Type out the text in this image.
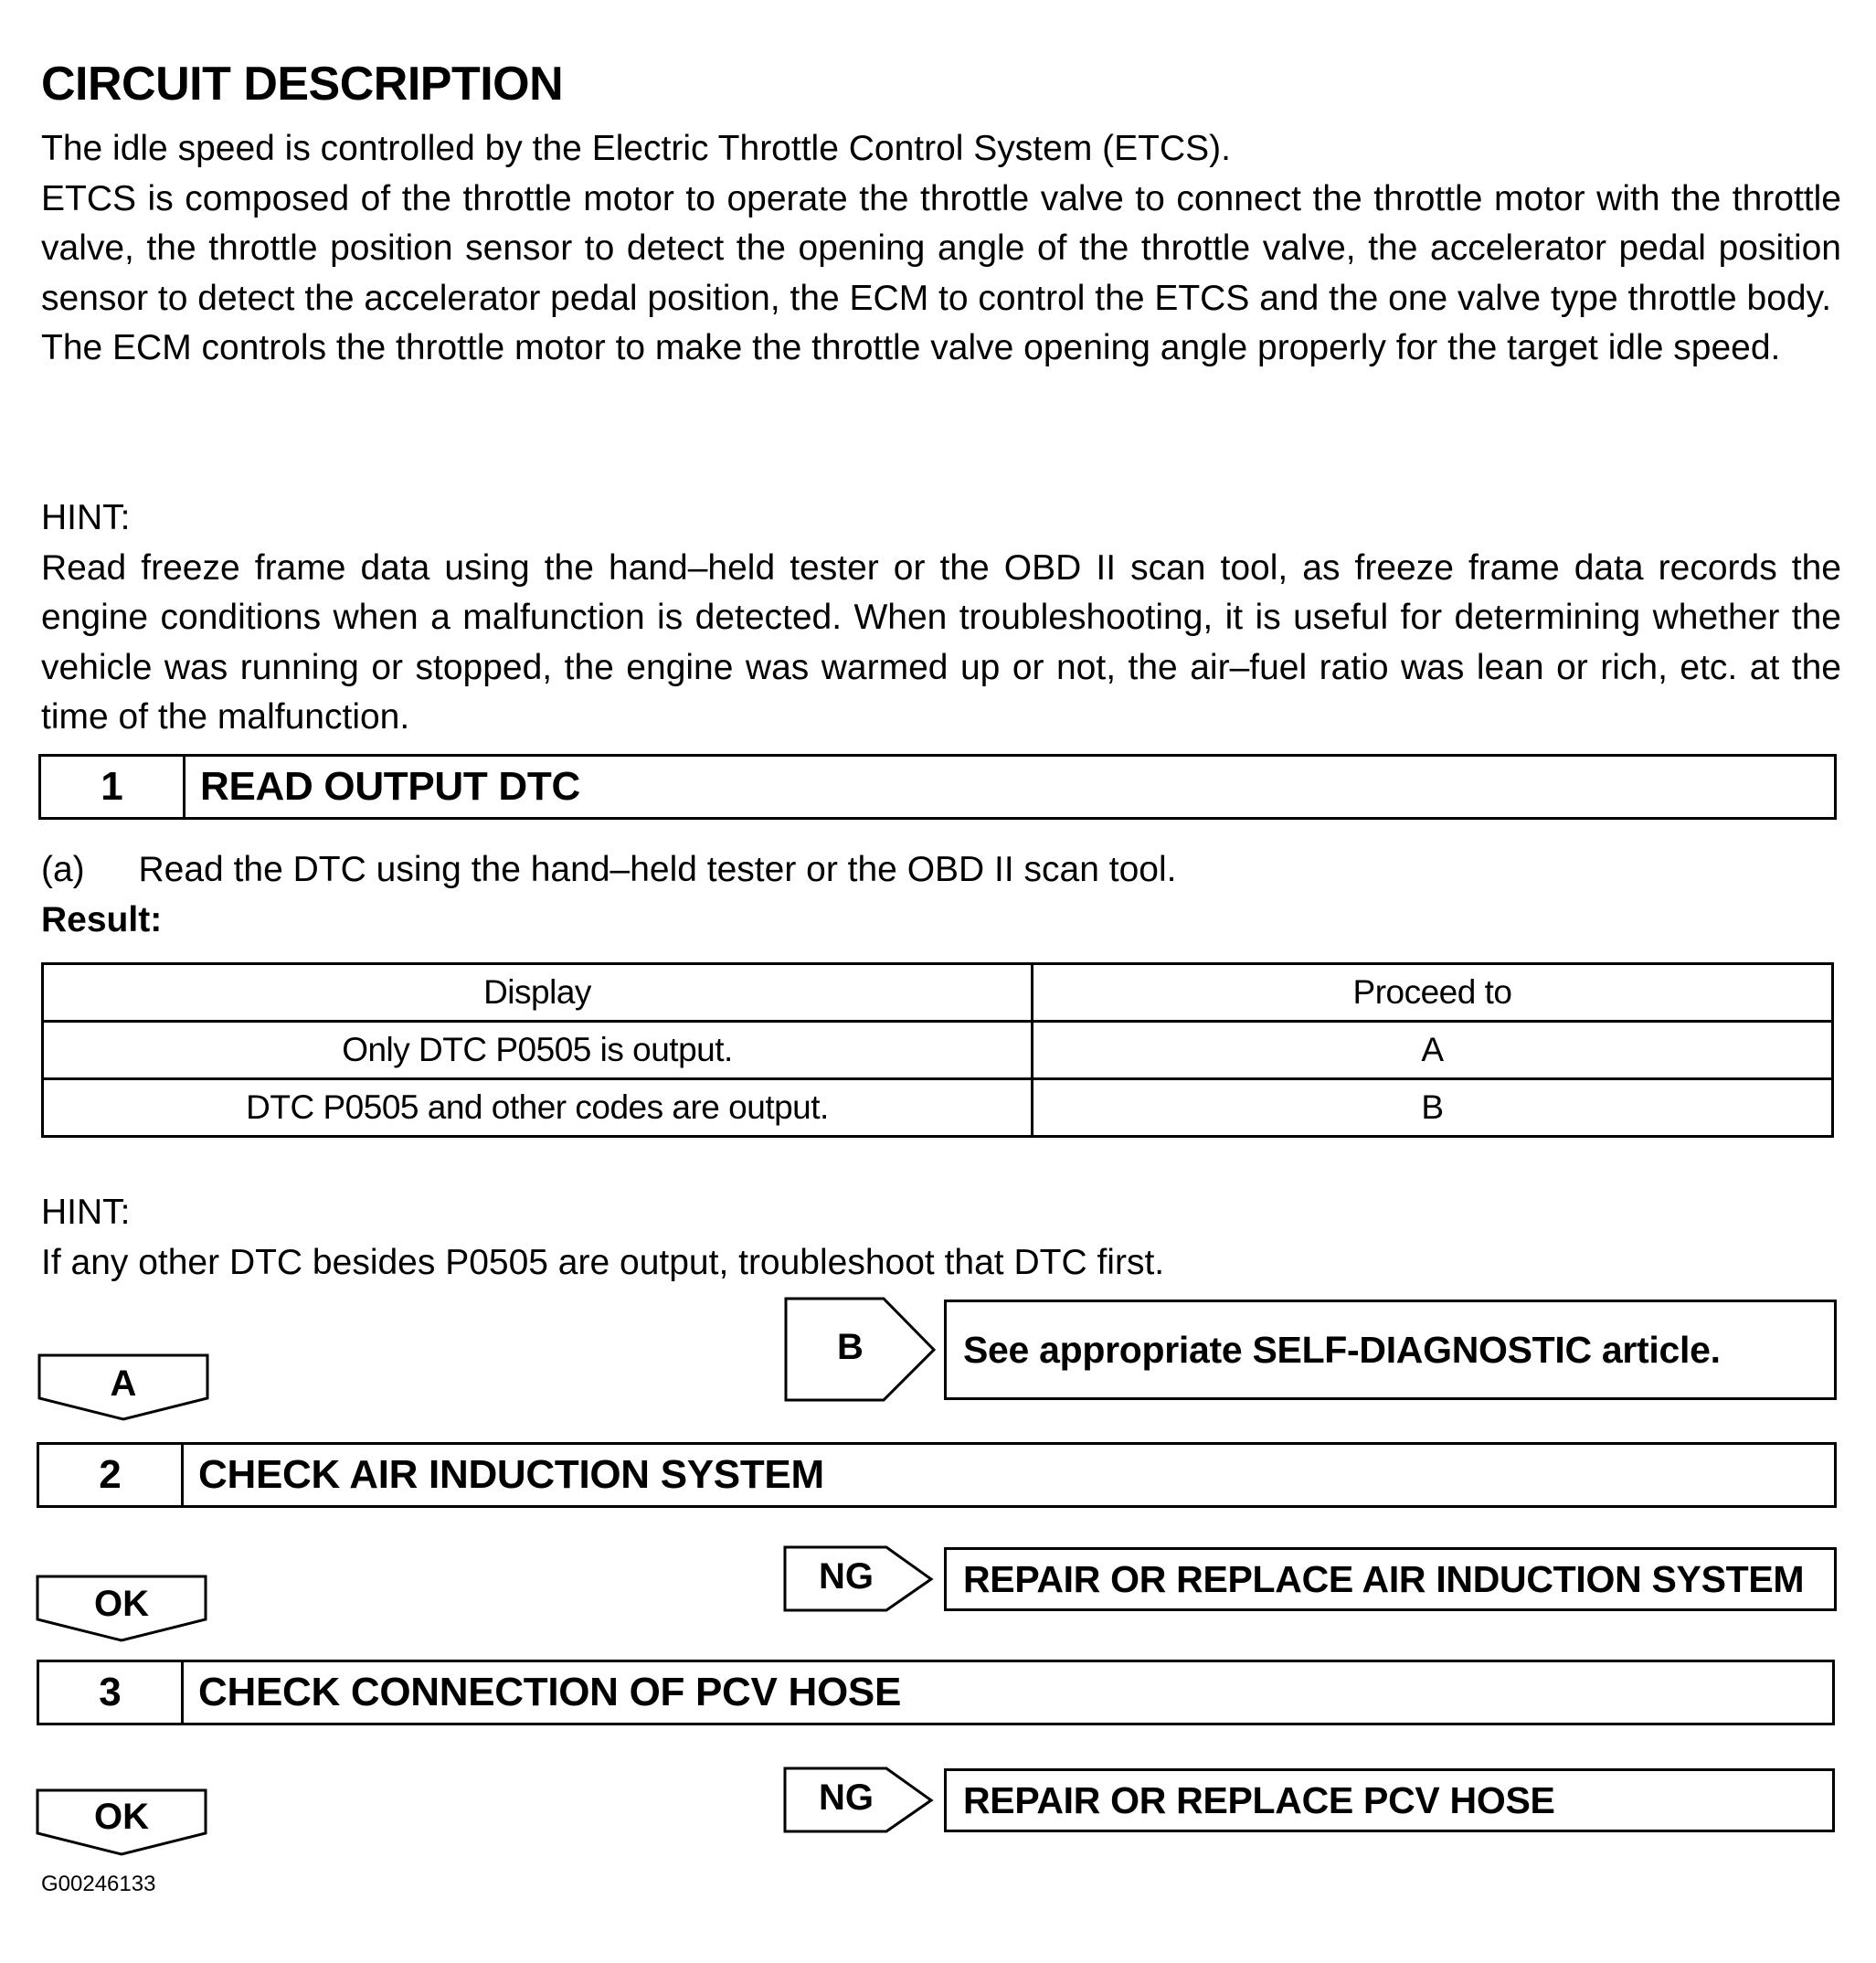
CIRCUIT DESCRIPTION

The idle speed is controlled by the Electric Throttle Control System (ETCS).

ETCS is composed of the throttle motor to operate the throttle valve to connect the throttle motor with the throttle valve, the throttle position sensor to detect the opening angle of the throttle valve, the accelerator pedal position sensor to detect the accelerator pedal position, the ECM to control the ETCS and the one valve type throttle body.

The ECM controls the throttle motor to make the throttle valve opening angle properly for the target idle speed.

HINT:

Read freeze frame data using the hand–held tester or the OBD II scan tool, as freeze frame data records the engine conditions when a malfunction is detected. When troubleshooting, it is useful for determining whether the vehicle was running or stopped, the engine was warmed up or not, the air–fuel ratio was lean or rich, etc. at the time of the malfunction.

1	READ OUTPUT DTC
(a) Read the DTC using the hand–held tester or the OBD II scan tool.
Result:
Display	Proceed to
Only DTC P0505 is output.	A
DTC P0505 and other codes are output.	B

HINT:

If any other DTC besides P0505 are output, troubleshoot that DTC first.

A
B	See appropriate SELF-DIAGNOSTIC article.
2	CHECK AIR INDUCTION SYSTEM
OK
NG	REPAIR OR REPLACE AIR INDUCTION SYSTEM
3	CHECK CONNECTION OF PCV HOSE
OK	NG	REPAIR OR REPLACE PCV HOSE
G00246133
